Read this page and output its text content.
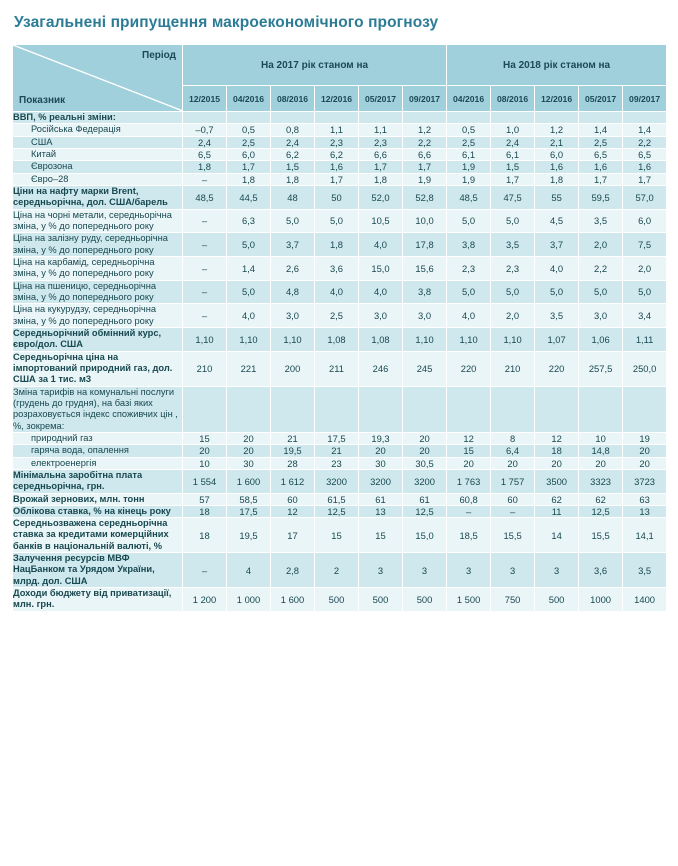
Узагальнені припущення макроекономічного прогнозу
Період
Показник	На 2017 рік станом на						На 2018 рік станом на				
	12/2015	04/2016	08/2016	12/2016	05/2017	09/2017	04/2016	08/2016	12/2016	05/2017	09/2017
ВВП, % реальні зміни:											
Російська Федерація	–0,7	0,5	0,8	1,1	1,1	1,2	0,5	1,0	1,2	1,4	1,4
США	2,4	2,5	2,4	2,3	2,3	2,2	2,5	2,4	2,1	2,5	2,2
Китай	6,5	6,0	6,2	6,2	6,6	6,6	6,1	6,1	6,0	6,5	6,5
Єврозона	1,8	1,7	1,5	1,6	1,7	1,7	1,9	1,5	1,6	1,6	1,6
Євро–28	–	1,8	1,8	1,7	1,8	1,9	1,9	1,7	1,8	1,7	1,7
Ціни на нафту марки Brent, середньорічна, дол. США/барель	48,5	44,5	48	50	52,0	52,8	48,5	47,5	55	59,5	57,0
Ціна на чорні метали, середньорічна зміна, у % до попереднього року	–	6,3	5,0	5,0	10,5	10,0	5,0	5,0	4,5	3,5	6,0
Ціна на залізну руду, середньорічна зміна, у % до попереднього року	–	5,0	3,7	1,8	4,0	17,8	3,8	3,5	3,7	2,0	7,5
Ціна на карбамід, середньорічна зміна, у % до попереднього року	–	1,4	2,6	3,6	15,0	15,6	2,3	2,3	4,0	2,2	2,0
Ціна на пшеницю, середньорічна зміна, у % до попереднього року	–	5,0	4,8	4,0	4,0	3,8	5,0	5,0	5,0	5,0	5,0
Ціна на кукурудзу, середньорічна зміна, у % до попереднього року	–	4,0	3,0	2,5	3,0	3,0	4,0	2,0	3,5	3,0	3,4
Середньорічний обмінний курс, євро/дол. США	1,10	1,10	1,10	1,08	1,08	1,10	1,10	1,10	1,07	1,06	1,11
Середньорічна ціна на імпортований природний газ, дол. США за 1 тис. м3	210	221	200	211	246	245	220	210	220	257,5	250,0
Зміна тарифів на комунальні послуги (грудень до грудня), на базі яких розраховується індекс споживчих цін , %, зокрема:											
природний газ	15	20	21	17,5	19,3	20	12	8	12	10	19
гаряча вода, опалення	20	20	19,5	21	20	20	15	6,4	18	14,8	20
електроенергія	10	30	28	23	30	30,5	20	20	20	20	20
Мінімальна заробітна плата середньорічна, грн.	1 554	1 600	1 612	3200	3200	3200	1 763	1 757	3500	3323	3723
Врожай зернових, млн. тонн	57	58,5	60	61,5	61	61	60,8	60	62	62	63
Облікова ставка, % на кінець року	18	17,5	12	12,5	13	12,5	–	–	11	12,5	13
Середньозважена середньорічна ставка за кредитами комерційних банків в національній валюті, %	18	19,5	17	15	15	15,0	18,5	15,5	14	15,5	14,1
Залучення ресурсів МВФ НацБанком та Урядом України, млрд. дол. США	–	4	2,8	2	3	3	3	3	3	3,6	3,5
Доходи бюджету від приватизації, млн. грн.	1 200	1 000	1 600	500	500	500	1 500	750	500	1000	1400
